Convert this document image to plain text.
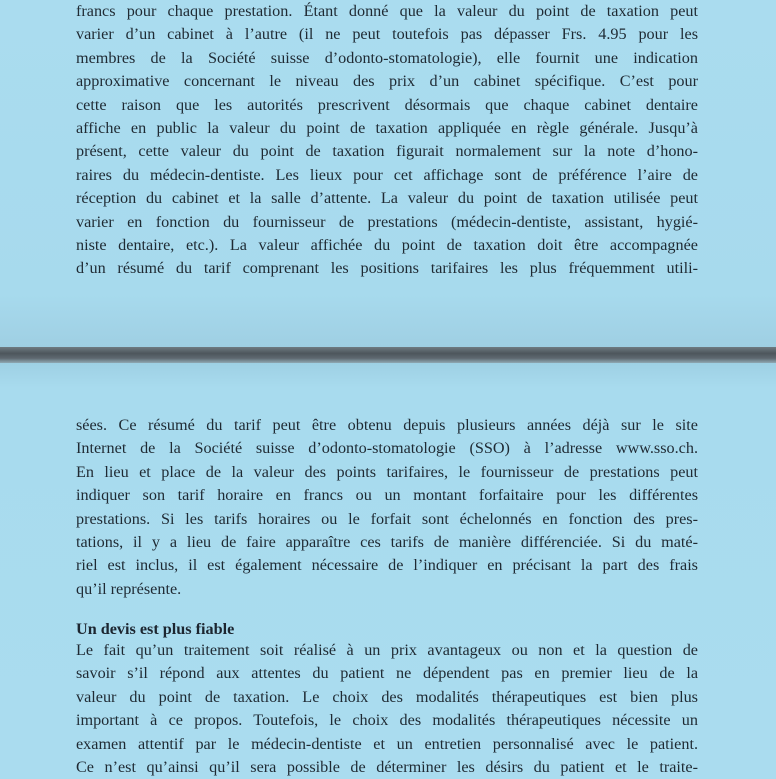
francs pour chaque prestation. Étant donné que la valeur du point de taxation peut
varier d’un cabinet à l’autre (il ne peut toutefois pas dépasser Frs. 4.95 pour les
membres de la Société suisse d’odonto-stomatologie), elle fournit une indication
approximative concernant le niveau des prix d’un cabinet spécifique. C’est pour
cette raison que les autorités prescrivent désormais que chaque cabinet dentaire
affiche en public la valeur du point de taxation appliquée en règle générale. Jusqu’à
présent, cette valeur du point de taxation figurait normalement sur la note d’hono-
raires du médecin-dentiste. Les lieux pour cet affichage sont de préférence l’aire de
réception du cabinet et la salle d’attente. La valeur du point de taxation utilisée peut
varier en fonction du fournisseur de prestations (médecin-dentiste, assistant, hygié-
niste dentaire, etc.). La valeur affichée du point de taxation doit être accompagnée
d’un résumé du tarif comprenant les positions tarifaires les plus fréquemment utili-
sées. Ce résumé du tarif peut être obtenu depuis plusieurs années déjà sur le site
Internet de la Société suisse d’odonto-stomatologie (SSO) à l’adresse www.sso.ch.
En lieu et place de la valeur des points tarifaires, le fournisseur de prestations peut
indiquer son tarif horaire en francs ou un montant forfaitaire pour les différentes
prestations. Si les tarifs horaires ou le forfait sont échelonnés en fonction des pres-
tations, il y a lieu de faire apparaître ces tarifs de manière différenciée. Si du maté-
riel est inclus, il est également nécessaire de l’indiquer en précisant la part des frais
qu’il représente.
Un devis est plus fiable
Le fait qu’un traitement soit réalisé à un prix avantageux ou non et la question de
savoir s’il répond aux attentes du patient ne dépendent pas en premier lieu de la
valeur du point de taxation. Le choix des modalités thérapeutiques est bien plus
important à ce propos. Toutefois, le choix des modalités thérapeutiques nécessite un
examen attentif par le médecin-dentiste et un entretien personnalisé avec le patient.
Ce n’est qu’ainsi qu’il sera possible de déterminer les désirs du patient et le traite-
